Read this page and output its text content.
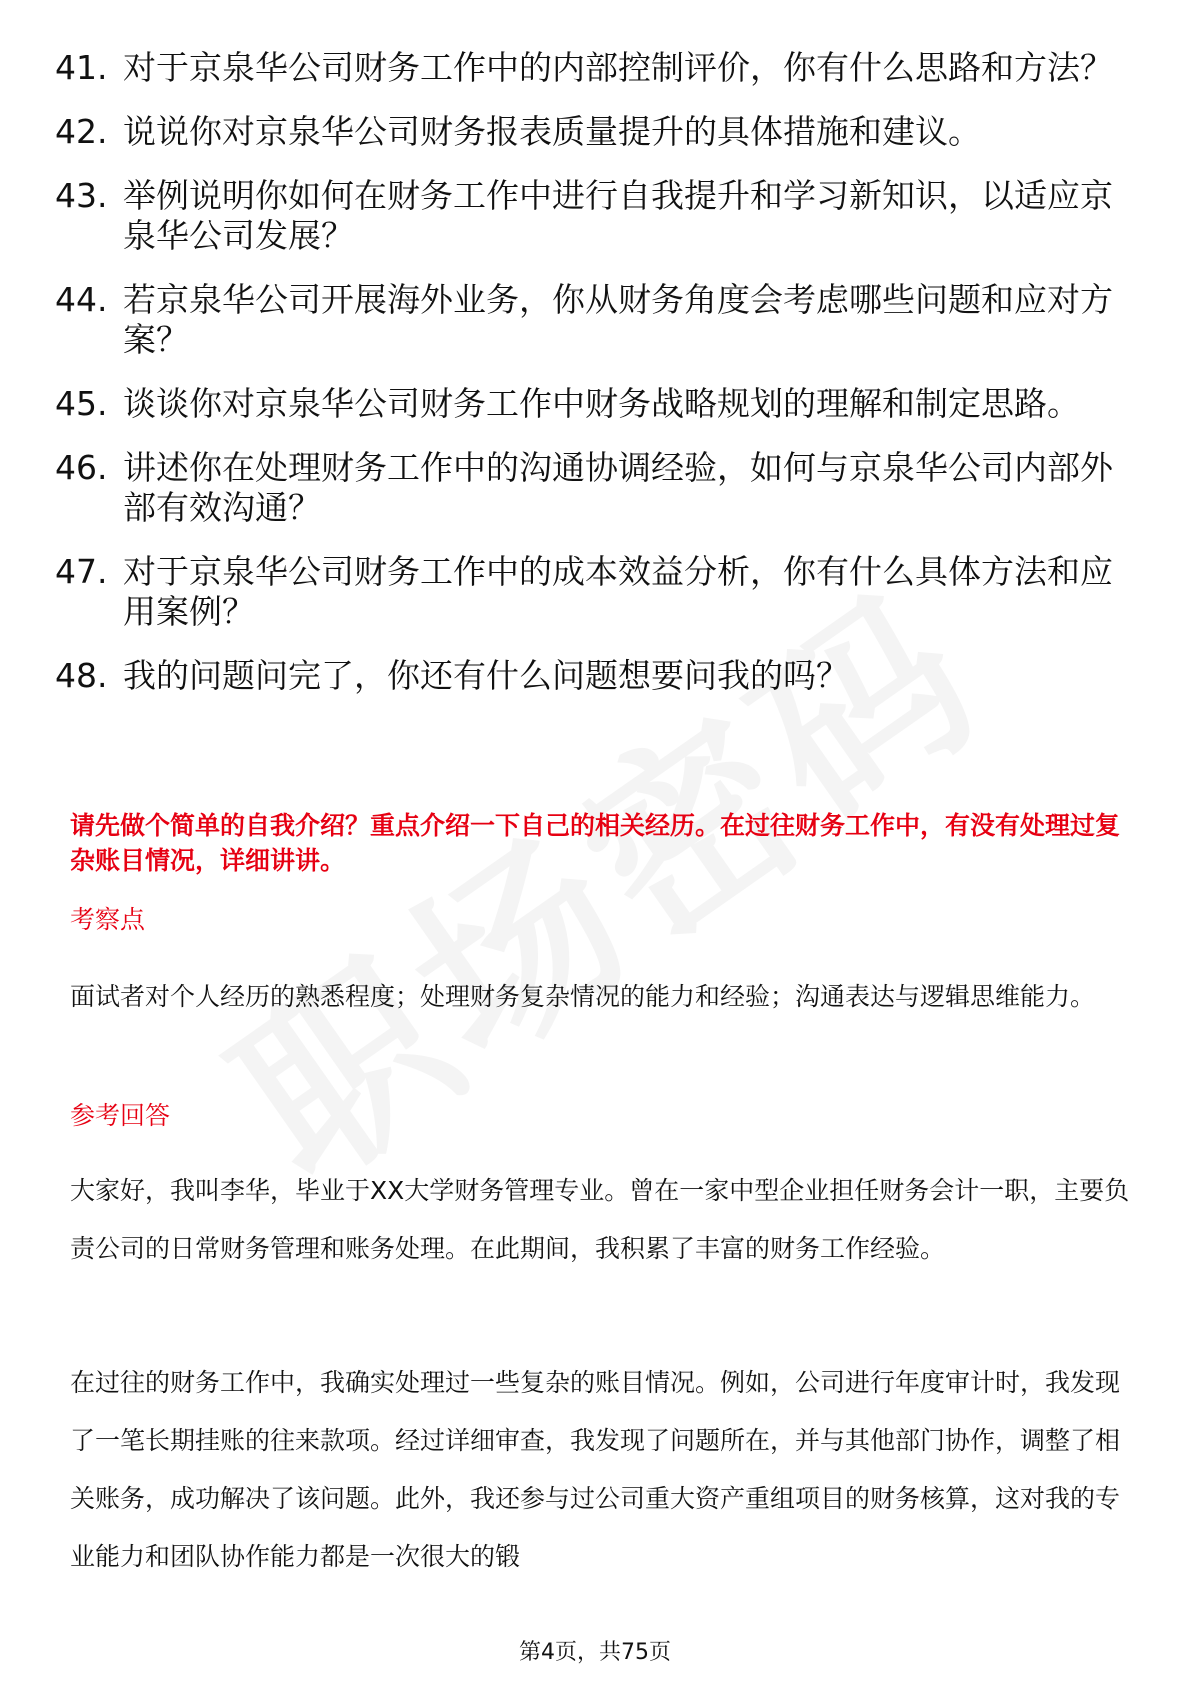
41. 对于京泉华公司财务工作中的内部控制评价，你有什么思路和方法？
42. 说说你对京泉华公司财务报表质量提升的具体措施和建议。
43. 举例说明你如何在财务工作中进行自我提升和学习新知识，以适应京泉华公司发展？
44. 若京泉华公司开展海外业务，你从财务角度会考虑哪些问题和应对方案？
45. 谈谈你对京泉华公司财务工作中财务战略规划的理解和制定思路。
46. 讲述你在处理财务工作中的沟通协调经验，如何与京泉华公司内部外部有效沟通？
47. 对于京泉华公司财务工作中的成本效益分析，你有什么具体方法和应用案例？
48. 我的问题问完了，你还有什么问题想要问我的吗？
请先做个简单的自我介绍？重点介绍一下自己的相关经历。在过往财务工作中，有没有处理过复杂账目情况，详细讲讲。
考察点
面试者对个人经历的熟悉程度；处理财务复杂情况的能力和经验；沟通表达与逻辑思维能力。
参考回答
大家好，我叫李华，毕业于XX大学财务管理专业。曾在一家中型企业担任财务会计一职，主要负责公司的日常财务管理和账务处理。在此期间，我积累了丰富的财务工作经验。
在过往的财务工作中，我确实处理过一些复杂的账目情况。例如，公司进行年度审计时，我发现了一笔长期挂账的往来款项。经过详细审查，我发现了问题所在，并与其他部门协作，调整了相关账务，成功解决了该问题。此外，我还参与过公司重大资产重组项目的财务核算，这对我的专业能力和团队协作能力都是一次很大的锻
第4页，共75页
